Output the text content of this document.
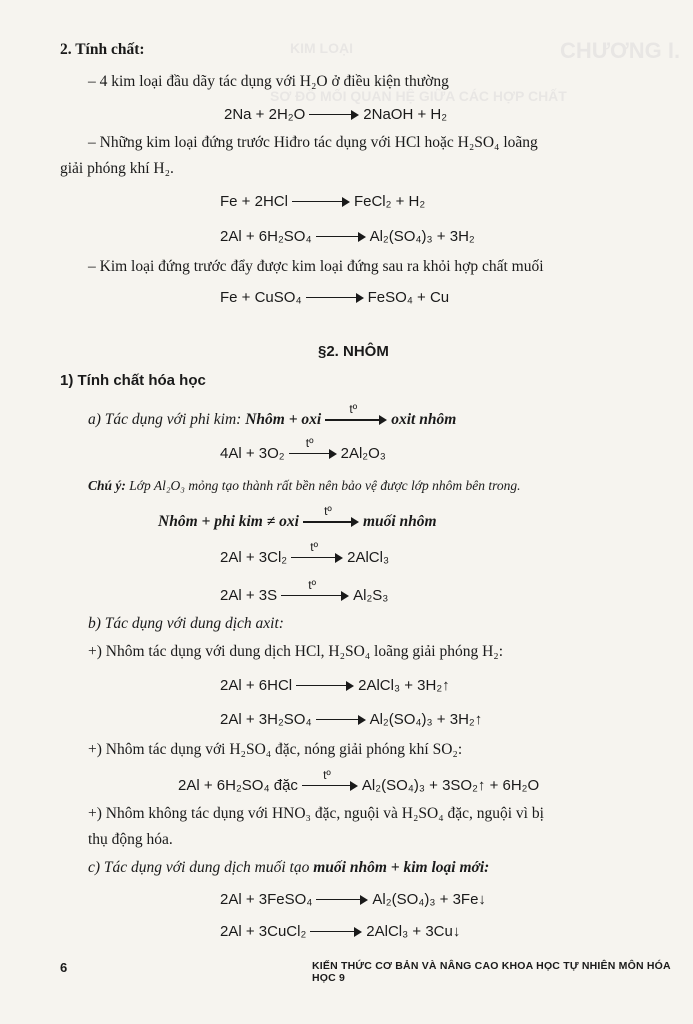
CHƯƠNG I.
KIM LOẠI
SƠ ĐỒ MỐI QUAN HỆ GIỮA CÁC HỢP CHẤT
2. Tính chất:
– 4 kim loại đầu dãy tác dụng với H₂O ở điều kiện thường
2Na + 2H₂O	2NaOH + H₂
– Những kim loại đứng trước Hiđro tác dụng với HCl hoặc H₂SO₄ loãng
giải phóng khí H₂.
Fe + 2HCl	FeCl₂ + H₂
2Al + 6H₂SO₄	Al₂(SO₄)₃ + 3H₂
– Kim loại đứng trước đẩy được kim loại đứng sau ra khỏi hợp chất muối
Fe + CuSO₄	FeSO₄ + Cu
§2. NHÔM
1) Tính chất hóa học
a) Tác dụng với phi kim: Nhôm + oxi
tº
oxit nhôm
4Al + 3O₂
tº
2Al₂O₃
Chú ý: Lớp Al₂O₃ mỏng tạo thành rất bền nên bảo vệ được lớp nhôm bên trong.
Nhôm + phi kim ≠ oxi
tº
muối nhôm
2Al + 3Cl₂
tº
2AlCl₃
2Al + 3S
tº
Al₂S₃
b) Tác dụng với dung dịch axit:
+) Nhôm tác dụng với dung dịch HCl, H₂SO₄ loãng giải phóng H₂:
2Al + 6HCl	2AlCl₃ + 3H₂↑
2Al + 3H₂SO₄	Al₂(SO₄)₃ + 3H₂↑
+) Nhôm tác dụng với H₂SO₄ đặc, nóng giải phóng khí SO₂:
2Al + 6H₂SO₄ đặc
tº
Al₂(SO₄)₃ + 3SO₂↑ + 6H₂O
+) Nhôm không tác dụng với HNO₃ đặc, nguội và H₂SO₄ đặc, nguội vì bị
thụ động hóa.
c) Tác dụng với dung dịch muối tạo muối nhôm + kim loại mới:
2Al + 3FeSO₄	Al₂(SO₄)₃ + 3Fe↓
2Al + 3CuCl₂	2AlCl₃ + 3Cu↓
6	KIẾN THỨC CƠ BẢN VÀ NÂNG CAO KHOA HỌC TỰ NHIÊN MÔN HÓA HỌC 9
